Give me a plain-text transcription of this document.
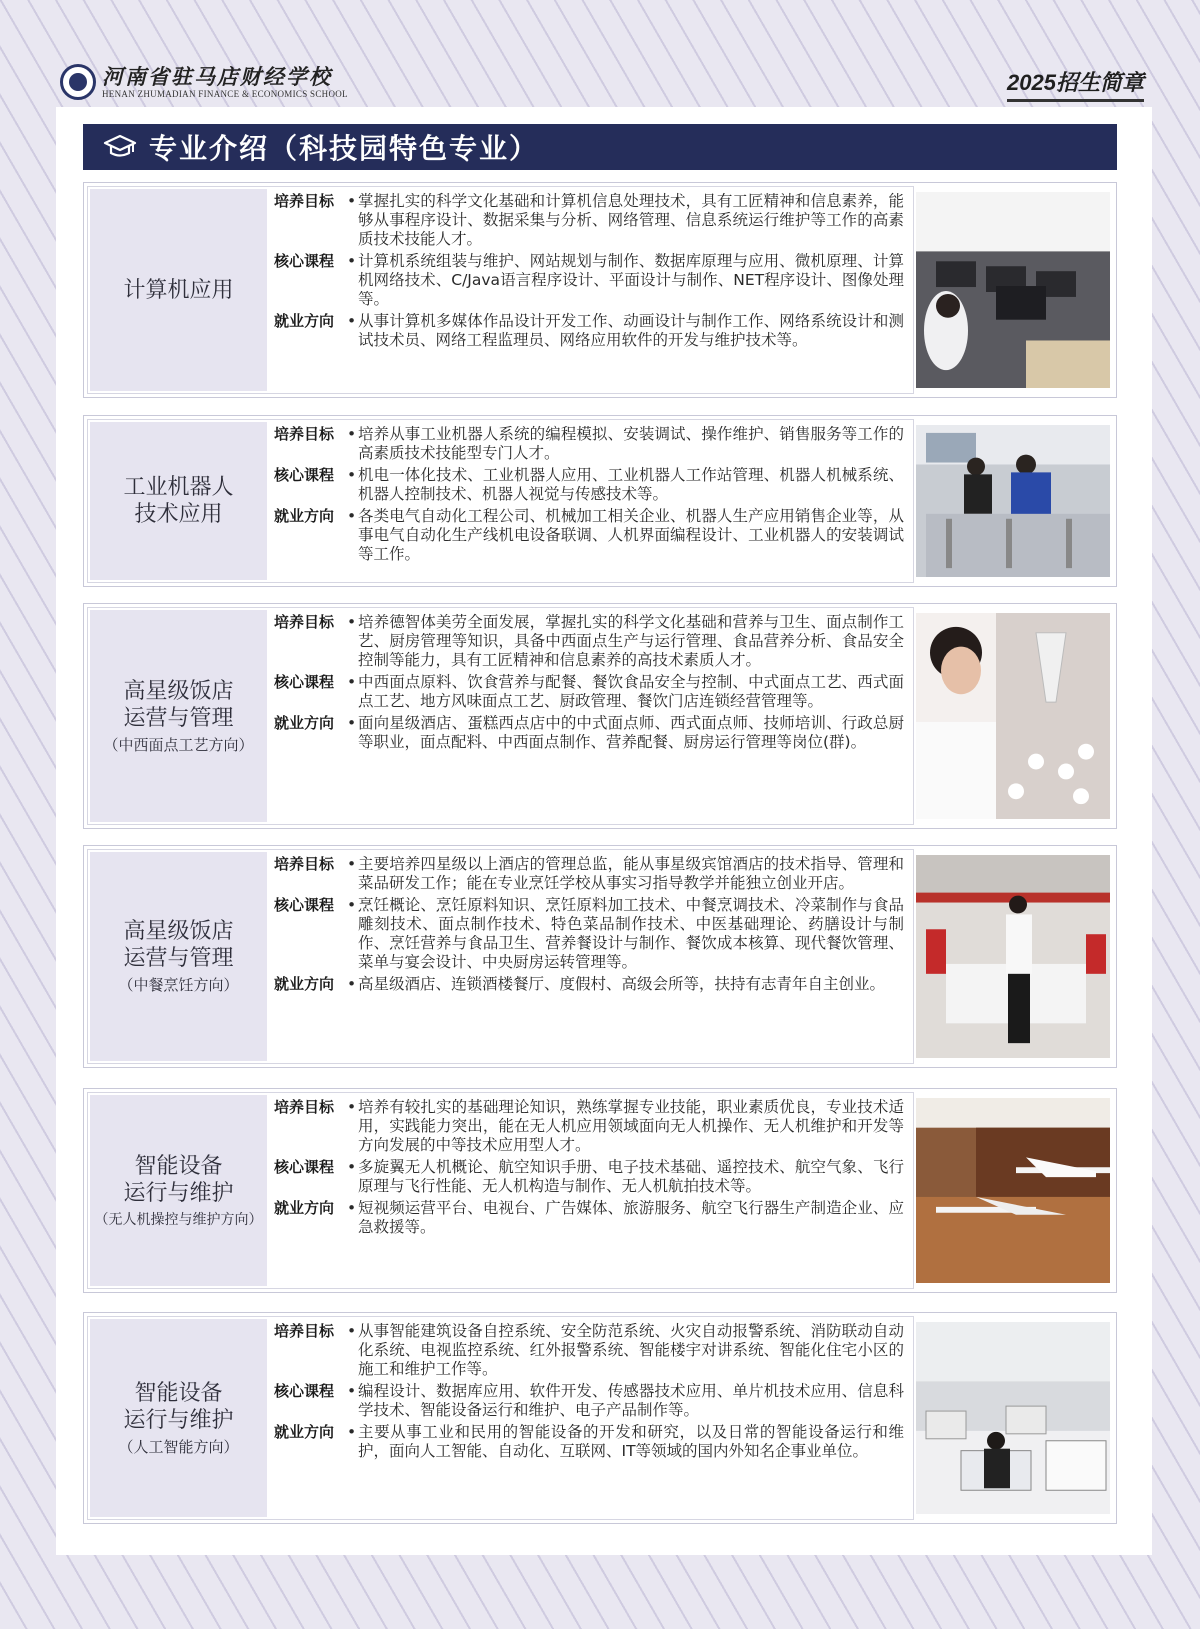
河南省驻马店财经学校
HENAN ZHUMADIAN FINANCE & ECONOMICS SCHOOL	2025招生简章
专业介绍（科技园特色专业）
计算机应用
培养目标	• 掌握扎实的科学文化基础和计算机信息处理技术，具有工匠精神和信息素养，能够从事程序设计、数据采集与分析、网络管理、信息系统运行维护等工作的高素质技术技能人才。
核心课程	• 计算机系统组装与维护、网站规划与制作、数据库原理与应用、微机原理、计算机网络技术、C/Java语言程序设计、平面设计与制作、NET程序设计、图像处理等。
就业方向	• 从事计算机多媒体作品设计开发工作、动画设计与制作工作、网络系统设计和测试技术员、网络工程监理员、网络应用软件的开发与维护技术等。
工业机器人
技术应用
培养目标	• 培养从事工业机器人系统的编程模拟、安装调试、操作维护、销售服务等工作的高素质技术技能型专门人才。
核心课程	• 机电一体化技术、工业机器人应用、工业机器人工作站管理、机器人机械系统、机器人控制技术、机器人视觉与传感技术等。
就业方向	• 各类电气自动化工程公司、机械加工相关企业、机器人生产应用销售企业等，从事电气自动化生产线机电设备联调、人机界面编程设计、工业机器人的安装调试等工作。
高星级饭店
运营与管理
（中西面点工艺方向）
培养目标	• 培养德智体美劳全面发展，掌握扎实的科学文化基础和营养与卫生、面点制作工艺、厨房管理等知识，具备中西面点生产与运行管理、食品营养分析、食品安全控制等能力，具有工匠精神和信息素养的高技术素质人才。
核心课程	• 中西面点原料、饮食营养与配餐、餐饮食品安全与控制、中式面点工艺、西式面点工艺、地方风味面点工艺、厨政管理、餐饮门店连锁经营管理等。
就业方向	• 面向星级酒店、蛋糕西点店中的中式面点师、西式面点师、技师培训、行政总厨等职业，面点配料、中西面点制作、营养配餐、厨房运行管理等岗位(群)。
高星级饭店
运营与管理
（中餐烹饪方向）
培养目标	• 主要培养四星级以上酒店的管理总监，能从事星级宾馆酒店的技术指导、管理和菜品研发工作；能在专业烹饪学校从事实习指导教学并能独立创业开店。
核心课程	• 烹饪概论、烹饪原料知识、烹饪原料加工技术、中餐烹调技术、冷菜制作与食品雕刻技术、面点制作技术、特色菜品制作技术、中医基础理论、药膳设计与制作、烹饪营养与食品卫生、营养餐设计与制作、餐饮成本核算、现代餐饮管理、菜单与宴会设计、中央厨房运转管理等。
就业方向	• 高星级酒店、连锁酒楼餐厅、度假村、高级会所等，扶持有志青年自主创业。
智能设备
运行与维护
（无人机操控与维护方向）
培养目标	• 培养有较扎实的基础理论知识，熟练掌握专业技能，职业素质优良，专业技术适用，实践能力突出，能在无人机应用领域面向无人机操作、无人机维护和开发等方向发展的中等技术应用型人才。
核心课程	• 多旋翼无人机概论、航空知识手册、电子技术基础、遥控技术、航空气象、飞行原理与飞行性能、无人机构造与制作、无人机航拍技术等。
就业方向	• 短视频运营平台、电视台、广告媒体、旅游服务、航空飞行器生产制造企业、应急救援等。
智能设备
运行与维护
（人工智能方向）
培养目标	• 从事智能建筑设备自控系统、安全防范系统、火灾自动报警系统、消防联动自动化系统、电视监控系统、红外报警系统、智能楼宇对讲系统、智能化住宅小区的施工和维护工作等。
核心课程	• 编程设计、数据库应用、软件开发、传感器技术应用、单片机技术应用、信息科学技术、智能设备运行和维护、电子产品制作等。
就业方向	• 主要从事工业和民用的智能设备的开发和研究，以及日常的智能设备运行和维护，面向人工智能、自动化、互联网、IT等领域的国内外知名企事业单位。
